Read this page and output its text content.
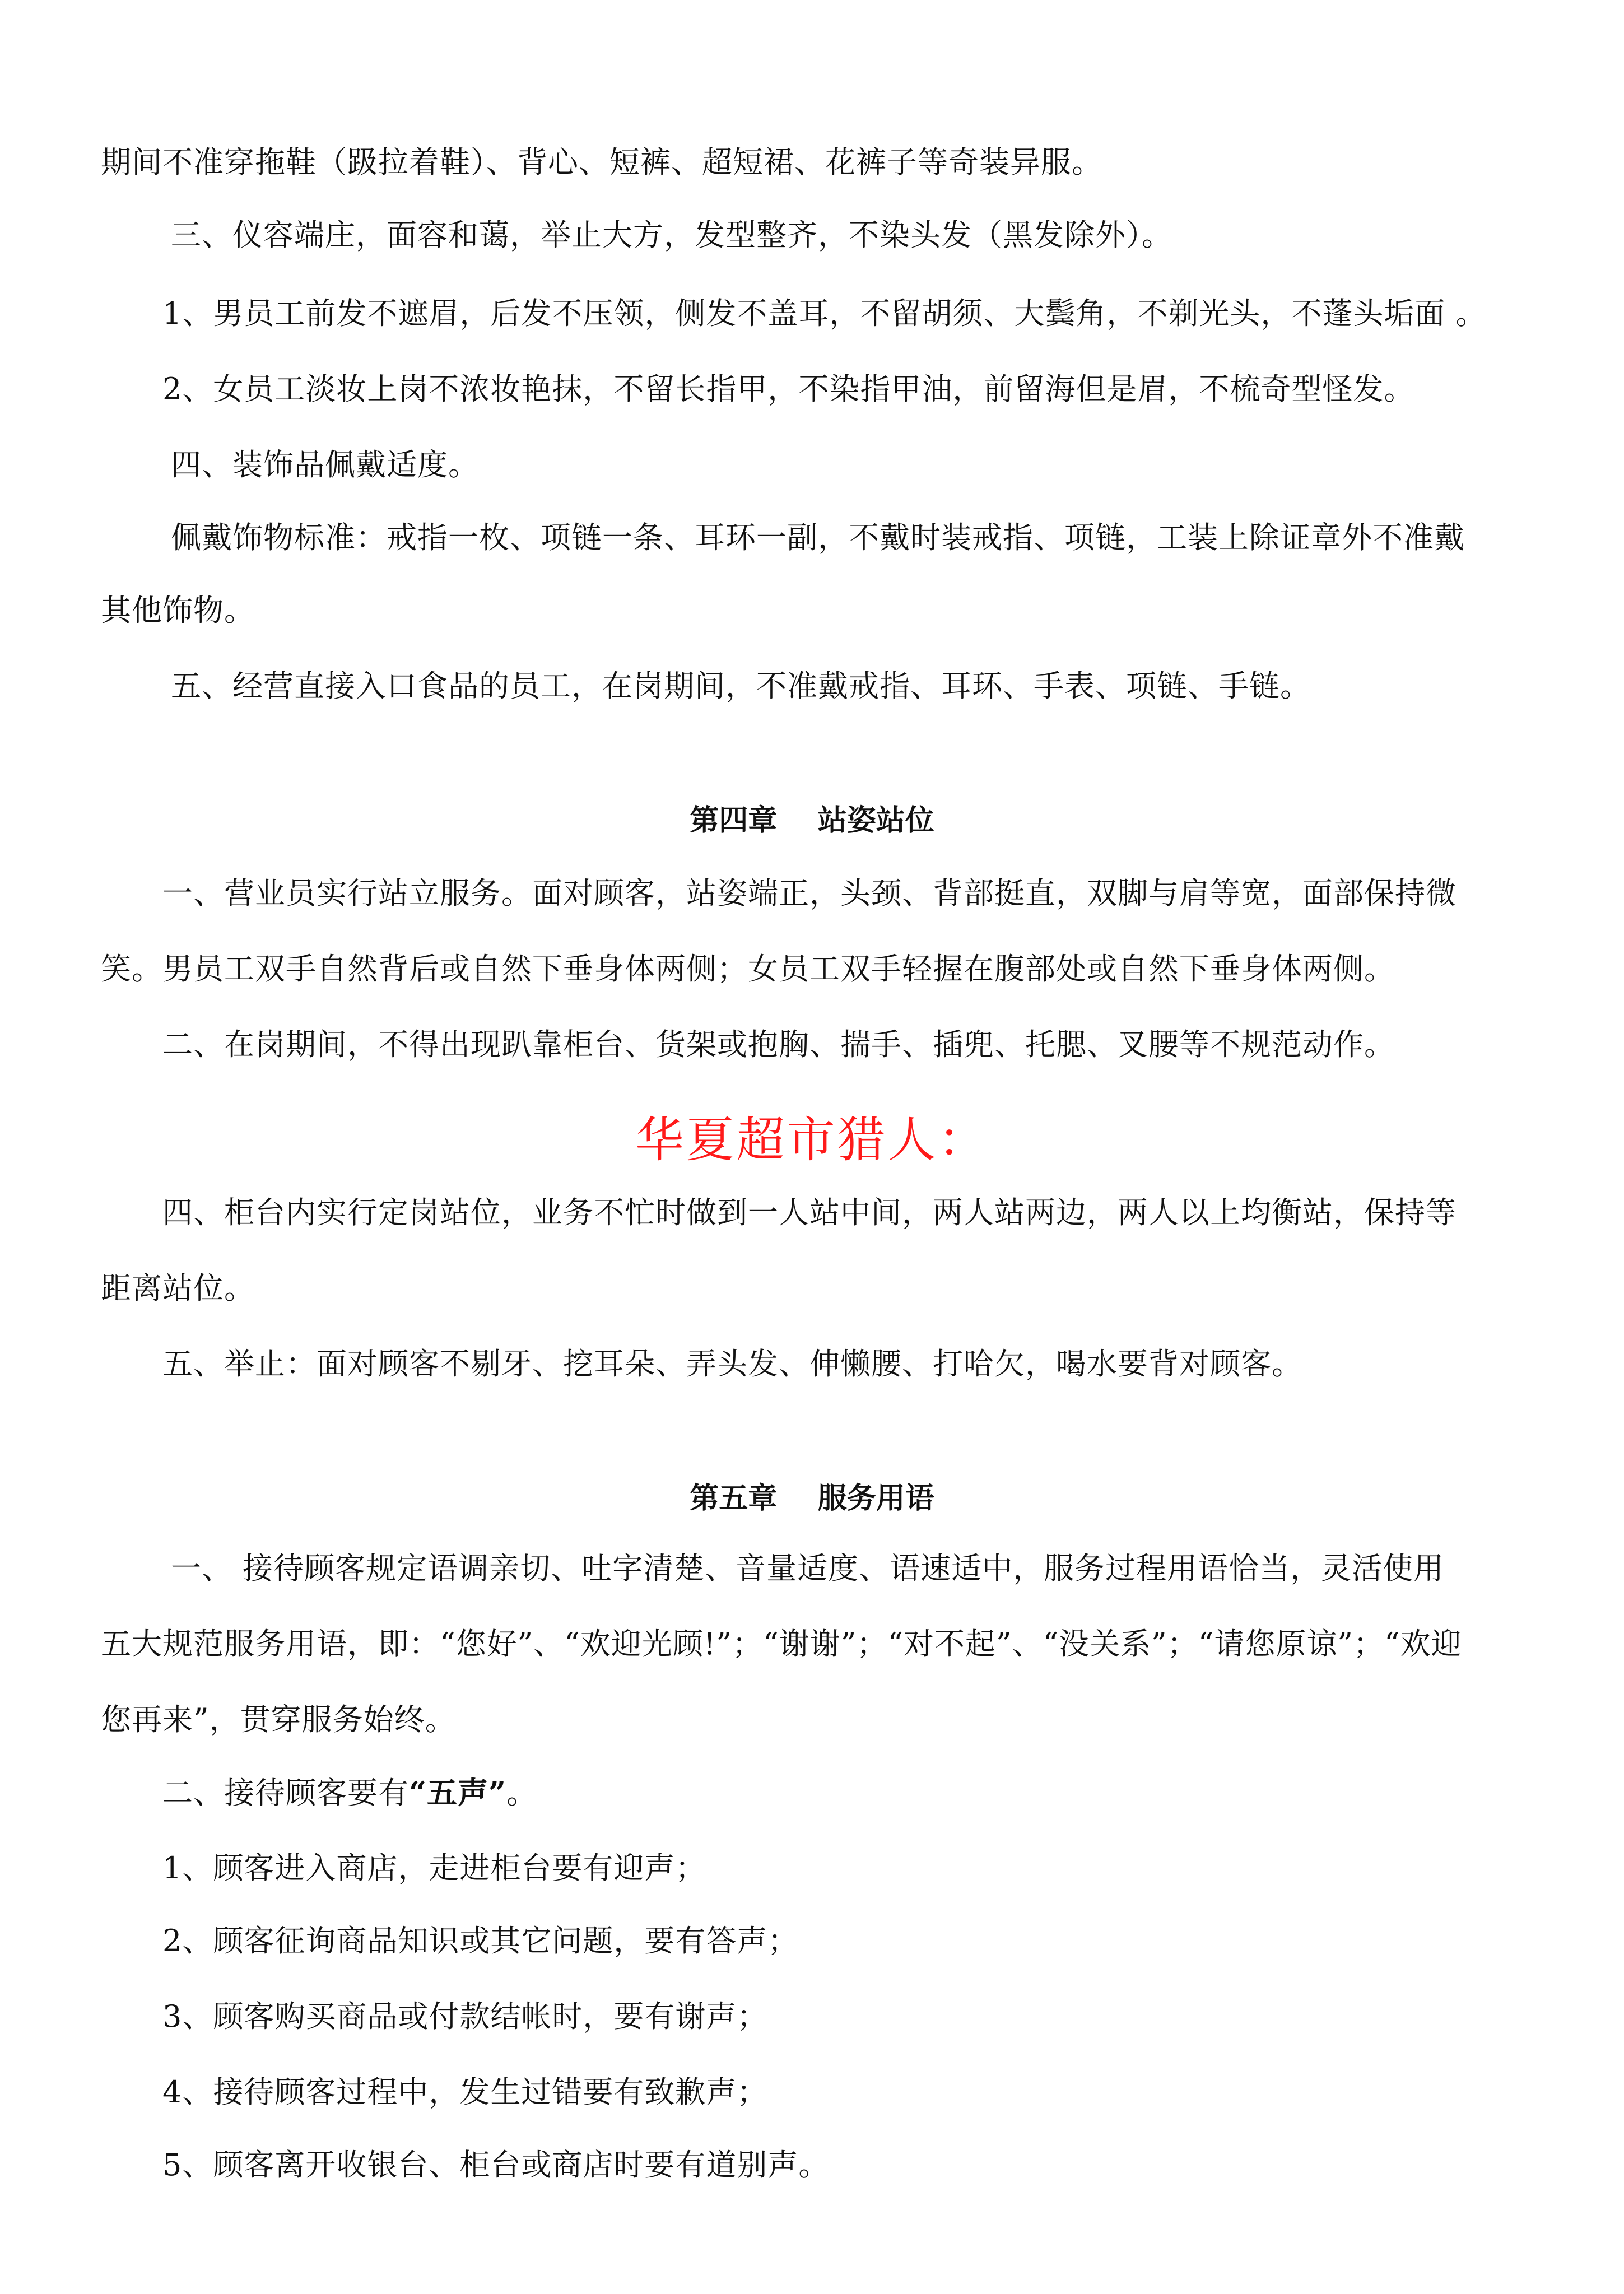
期间不准穿拖鞋（趿拉着鞋）、背心、短裤、超短裙、花裤子等奇装异服。
三、仪容端庄，面容和蔼，举止大方，发型整齐，不染头发（黑发除外）。
1、男员工前发不遮眉，后发不压领，侧发不盖耳，不留胡须、大鬓角，不剃光头，不蓬头垢面 。
2、女员工淡妆上岗不浓妆艳抹，不留长指甲，不染指甲油，前留海但是眉，不梳奇型怪发。
四、装饰品佩戴适度。
佩戴饰物标准：戒指一枚、项链一条、耳环一副，不戴时装戒指、项链，工装上除证章外不准戴
其他饰物。
五、经营直接入口食品的员工，在岗期间，不准戴戒指、耳环、手表、项链、手链。
第四章    站姿站位
一、营业员实行站立服务。面对顾客，站姿端正，头颈、背部挺直，双脚与肩等宽，面部保持微
笑。男员工双手自然背后或自然下垂身体两侧；女员工双手轻握在腹部处或自然下垂身体两侧。
二、在岗期间，不得出现趴靠柜台、货架或抱胸、揣手、插兜、托腮、叉腰等不规范动作。
华夏超市猎人：
四、柜台内实行定岗站位，业务不忙时做到一人站中间，两人站两边，两人以上均衡站，保持等
距离站位。
五、举止：面对顾客不剔牙、挖耳朵、弄头发、伸懒腰、打哈欠，喝水要背对顾客。
第五章    服务用语
一、 接待顾客规定语调亲切、吐字清楚、音量适度、语速适中，服务过程用语恰当，灵活使用
五大规范服务用语，即：“您好”、“欢迎光顾!”；“谢谢”；“对不起”、“没关系”；“请您原谅”；“欢迎
您再来”，贯穿服务始终。
二、接待顾客要有“五声”。
1、顾客进入商店，走进柜台要有迎声；
2、顾客征询商品知识或其它问题，要有答声；
3、顾客购买商品或付款结帐时，要有谢声；
4、接待顾客过程中，发生过错要有致歉声；
5、顾客离开收银台、柜台或商店时要有道别声。
